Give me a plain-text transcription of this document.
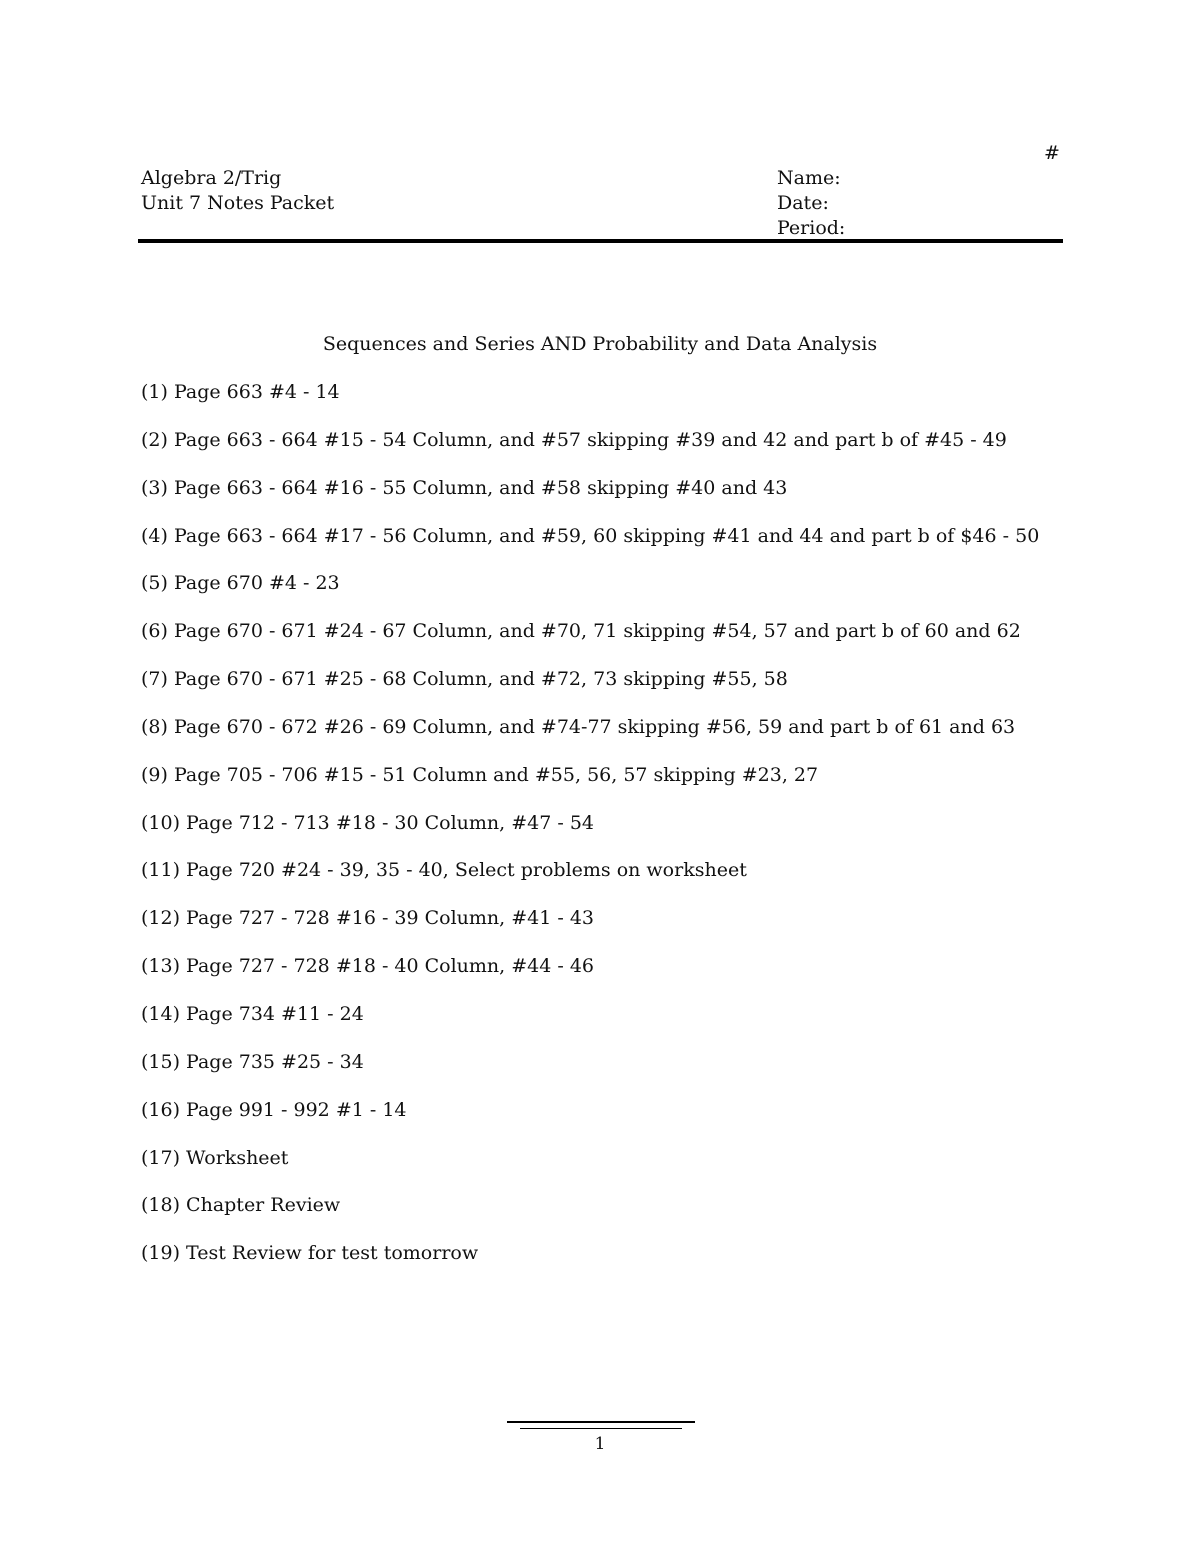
#
Algebra 2/Trig
Unit 7 Notes Packet
Name:
Date:
Period:
Sequences and Series AND Probability and Data Analysis
(1) Page 663 #4 - 14
(2) Page 663 - 664 #15 - 54 Column, and #57 skipping #39 and 42 and part b of #45 - 49
(3) Page 663 - 664 #16 - 55 Column, and #58 skipping #40 and 43
(4) Page 663 - 664 #17 - 56 Column, and #59, 60 skipping #41 and 44 and part b of $46 - 50
(5) Page 670 #4 - 23
(6) Page 670 - 671 #24 - 67 Column, and #70, 71 skipping #54, 57 and part b of 60 and 62
(7) Page 670 - 671 #25 - 68 Column, and #72, 73 skipping #55, 58
(8) Page 670 - 672 #26 - 69 Column, and #74-77 skipping #56, 59 and part b of 61 and 63
(9) Page 705 - 706 #15 - 51 Column and #55, 56, 57 skipping #23, 27
(10) Page 712 - 713 #18 - 30 Column, #47 - 54
(11) Page 720 #24 - 39, 35 - 40, Select problems on worksheet
(12) Page 727 - 728 #16 - 39 Column, #41 - 43
(13) Page 727 - 728 #18 - 40 Column, #44 - 46
(14) Page 734 #11 - 24
(15) Page 735 #25 - 34
(16) Page 991 - 992 #1 - 14
(17) Worksheet
(18) Chapter Review
(19) Test Review for test tomorrow
1
